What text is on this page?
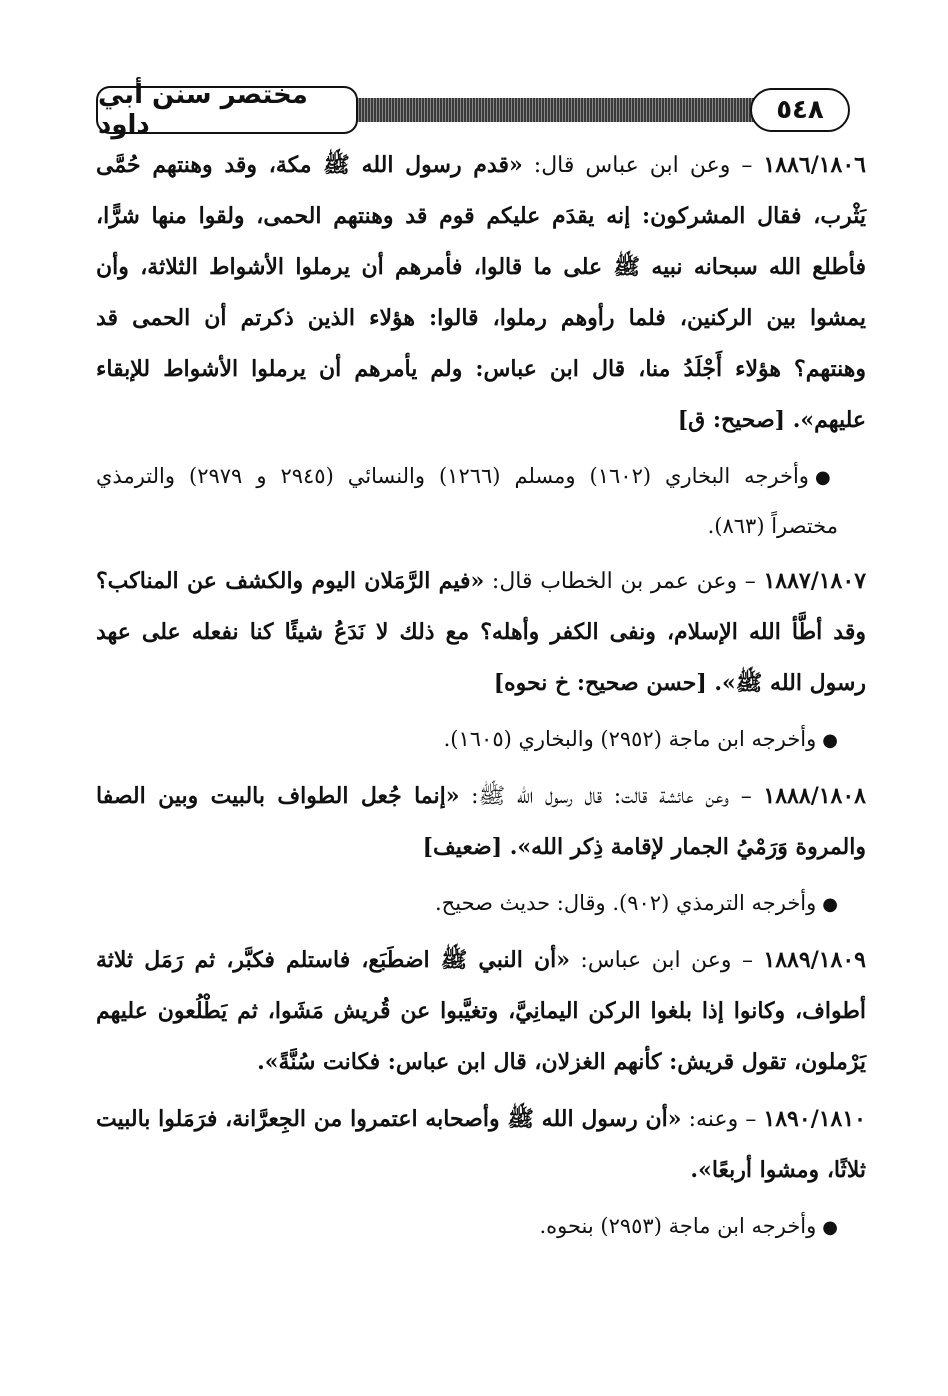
مختصر سنن أبي داود	٥٤٨

١٨٨٦/١٨٠٦ – وعن ابن عباس قال: «قدم رسول الله ﷺ مكة، وقد وهنتهم حُمَّى يَثْرب، فقال المشركون: إنه يقدَم عليكم قوم قد وهنتهم الحمى، ولقوا منها شرًّا، فأطلع الله سبحانه نبيه ﷺ على ما قالوا، فأمرهم أن يرملوا الأشواط الثلاثة، وأن يمشوا بين الركنين، فلما رأوهم رملوا، قالوا: هؤلاء الذين ذكرتم أن الحمى قد وهنتهم؟ هؤلاء أَجْلَدُ منا، قال ابن عباس: ولم يأمرهم أن يرملوا الأشواط للإبقاء عليهم». [صحيح: ق]

●وأخرجه البخاري (١٦٠٢) ومسلم (١٢٦٦) والنسائي (٢٩٤٥ و ٢٩٧٩) والترمذي مختصراً (٨٦٣).

١٨٨٧/١٨٠٧ – وعن عمر بن الخطاب قال: «فيم الرَّمَلان اليوم والكشف عن المناكب؟ وقد أطَّأ الله الإسلام، ونفى الكفر وأهله؟ مع ذلك لا نَدَعُ شيئًا كنا نفعله على عهد رسول الله ﷺ». [حسن صحيح: خ نحوه]

●وأخرجه ابن ماجة (٢٩٥٢) والبخاري (١٦٠٥).

١٨٨٨/١٨٠٨ – وعن عائشة قالت: قال رسول الله ﷺ: «إنما جُعل الطواف بالبيت وبين الصفا والمروة وَرَمْيُ الجمار لإقامة ذِكر الله». [ضعيف]

●وأخرجه الترمذي (٩٠٢). وقال: حديث صحيح.

١٨٨٩/١٨٠٩ – وعن ابن عباس: «أن النبي ﷺ اضطَبَع، فاستلم فكبَّر، ثم رَمَل ثلاثة أطواف، وكانوا إذا بلغوا الركن اليمانِيَّ، وتغيَّبوا عن قُريش مَشَوا، ثم يَطْلُعون عليهم يَرْملون، تقول قريش: كأنهم الغزلان، قال ابن عباس: فكانت سُنَّةً».

١٨٩٠/١٨١٠ – وعنه: «أن رسول الله ﷺ وأصحابه اعتمروا من الجِعرَّانة، فرَمَلوا بالبيت ثلاثًا، ومشوا أربعًا».

●وأخرجه ابن ماجة (٢٩٥٣) بنحوه.
